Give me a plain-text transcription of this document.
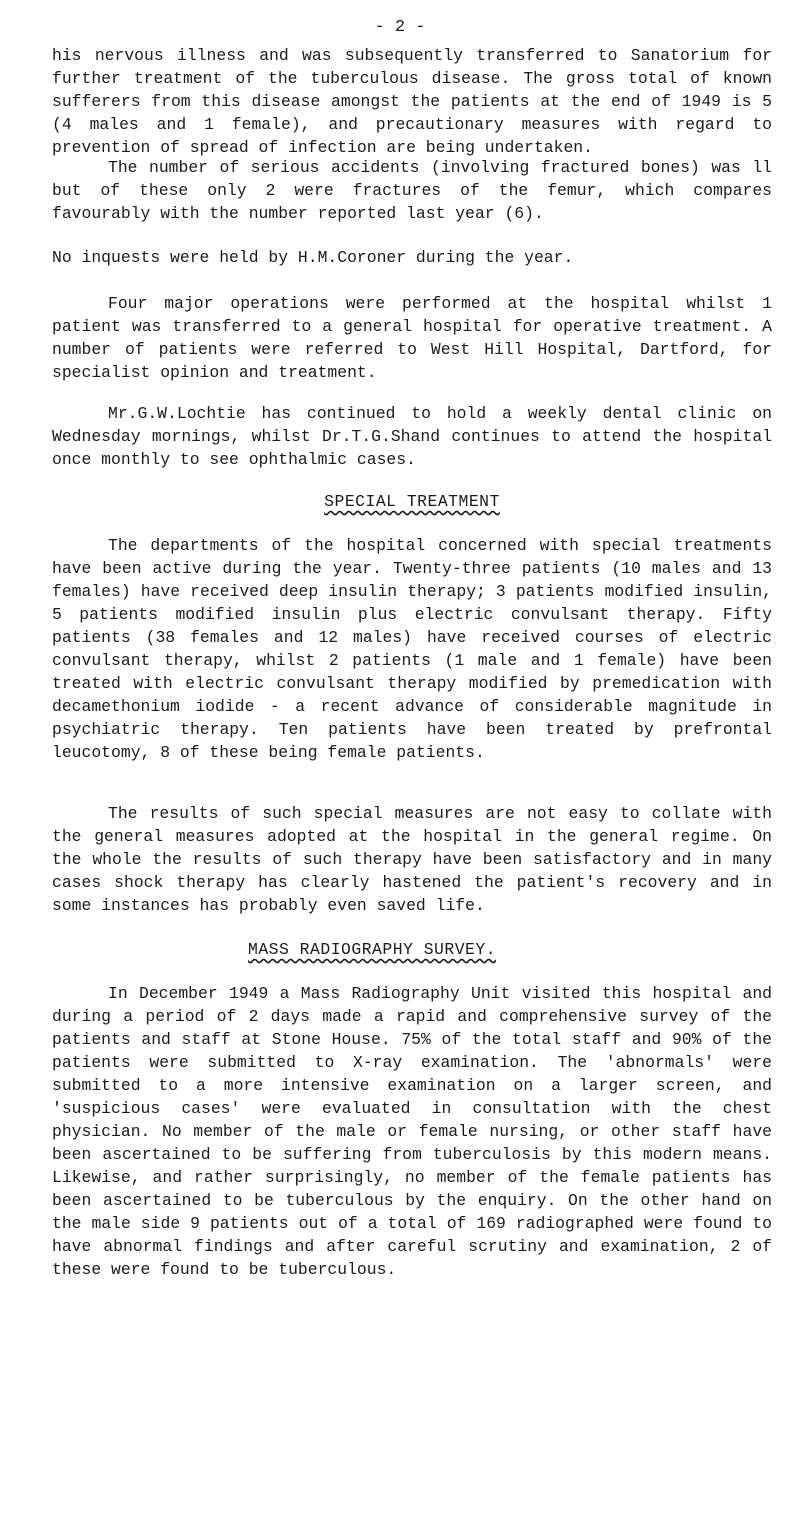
- 2 -

his nervous illness and was subsequently transferred to Sanatorium for further treatment of the tuberculous disease. The gross total of known sufferers from this disease amongst the patients at the end of 1949 is 5 (4 males and 1 female), and precautionary measures with regard to prevention of spread of infection are being undertaken.

The number of serious accidents (involving fractured bones) was ll but of these only 2 were fractures of the femur, which compares favourably with the number reported last year (6).

No inquests were held by H.M.Coroner during the year.

Four major operations were performed at the hospital whilst 1 patient was transferred to a general hospital for operative treatment. A number of patients were referred to West Hill Hospital, Dartford, for specialist opinion and treatment.

Mr.G.W.Lochtie has continued to hold a weekly dental clinic on Wednesday mornings, whilst Dr.T.G.Shand continues to attend the hospital once monthly to see ophthalmic cases.

SPECIAL TREATMENT

The departments of the hospital concerned with special treatments have been active during the year. Twenty-three patients (10 males and 13 females) have received deep insulin therapy; 3 patients modified insulin, 5 patients modified insulin plus electric convulsant therapy. Fifty patients (38 females and 12 males) have received courses of electric convulsant therapy, whilst 2 patients (1 male and 1 female) have been treated with electric convulsant therapy modified by premedication with decamethonium iodide - a recent advance of considerable magnitude in psychiatric therapy. Ten patients have been treated by prefrontal leucotomy, 8 of these being female patients.

The results of such special measures are not easy to collate with the general measures adopted at the hospital in the general regime. On the whole the results of such therapy have been satisfactory and in many cases shock therapy has clearly hastened the patient's recovery and in some instances has probably even saved life.

MASS RADIOGRAPHY SURVEY.

In December 1949 a Mass Radiography Unit visited this hospital and during a period of 2 days made a rapid and comprehensive survey of the patients and staff at Stone House. 75% of the total staff and 90% of the patients were submitted to X-ray examination. The 'abnormals' were submitted to a more intensive examination on a larger screen, and 'suspicious cases' were evaluated in consultation with the chest physician. No member of the male or female nursing, or other staff have been ascertained to be suffering from tuberculosis by this modern means. Likewise, and rather surprisingly, no member of the female patients has been ascertained to be tuberculous by the enquiry. On the other hand on the male side 9 patients out of a total of 169 radiographed were found to have abnormal findings and after careful scrutiny and examination, 2 of these were found to be tuberculous.
